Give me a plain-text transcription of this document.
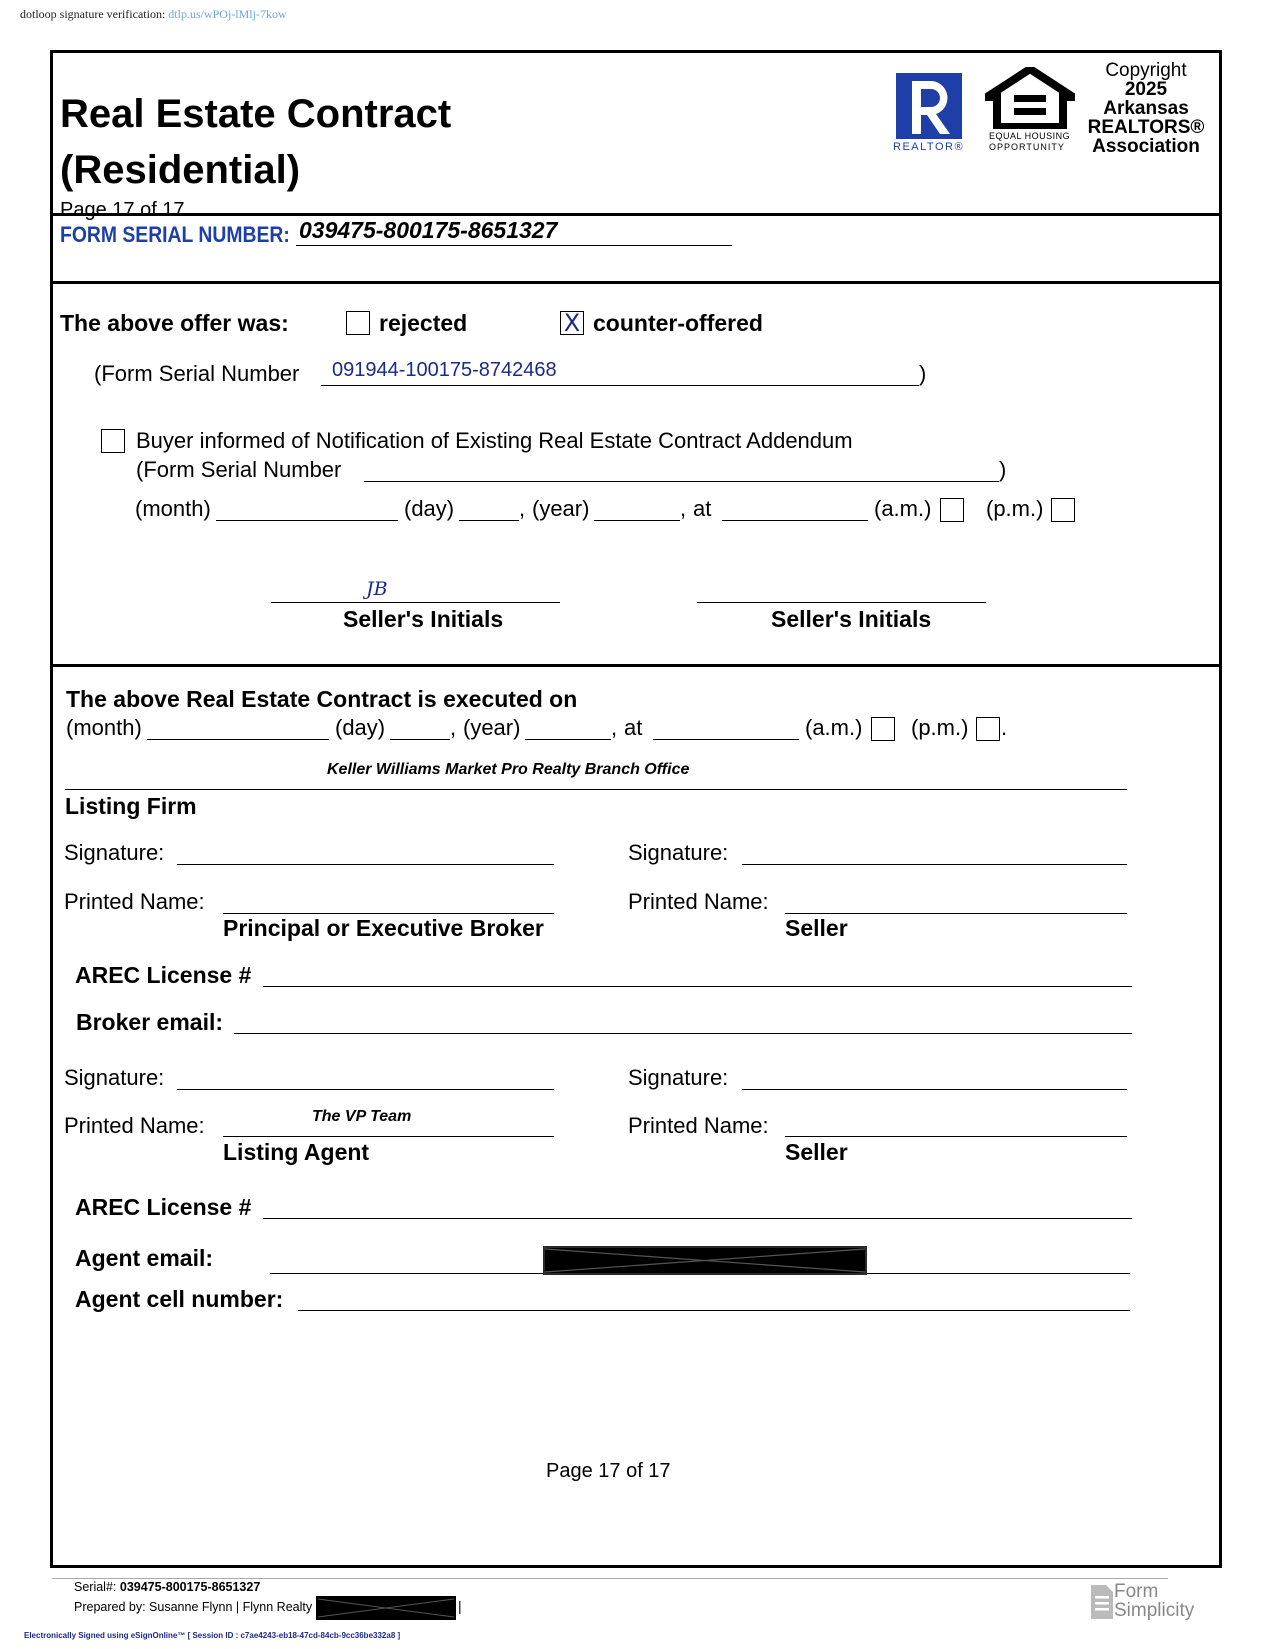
dotloop signature verification: dtlp.us/wPOj-lMlj-7kow
Real Estate Contract
(Residential)
Page 17 of 17
REALTOR®
EQUAL HOUSING
OPPORTUNITY
Copyright
2025
Arkansas
REALTORS®
Association
FORM SERIAL NUMBER: 039475-800175-8651327
The above offer was:	rejected	X counter-offered
(Form Serial Number 091944-100175-8742468	)
Buyer informed of Notification of Existing Real Estate Contract Addendum
(Form Serial Number	)
(month)	(day)	, (year)	, at	(a.m.) (p.m.)
JB
Seller's Initials	Seller's Initials
The above Real Estate Contract is executed on
(month)	(day)	, (year)	, at	(a.m.) (p.m.) .
Keller Williams Market Pro Realty Branch Office
Listing Firm
Signature:	Signature:
Printed Name:	Printed Name:
Principal or Executive Broker	Seller
AREC License #
Broker email:
Signature:	Signature:
The VP Team
Printed Name:	Printed Name:
Listing Agent	Seller
AREC License #
Agent email:
Agent cell number:
Page 17 of 17
Serial#: 039475-800175-8651327
Prepared by: Susanne Flynn | Flynn Realty	|
Form
Simplicity
Electronically Signed using eSignOnline™ [ Session ID : c7ae4243-eb18-47cd-84cb-9cc36be332a8 ]
